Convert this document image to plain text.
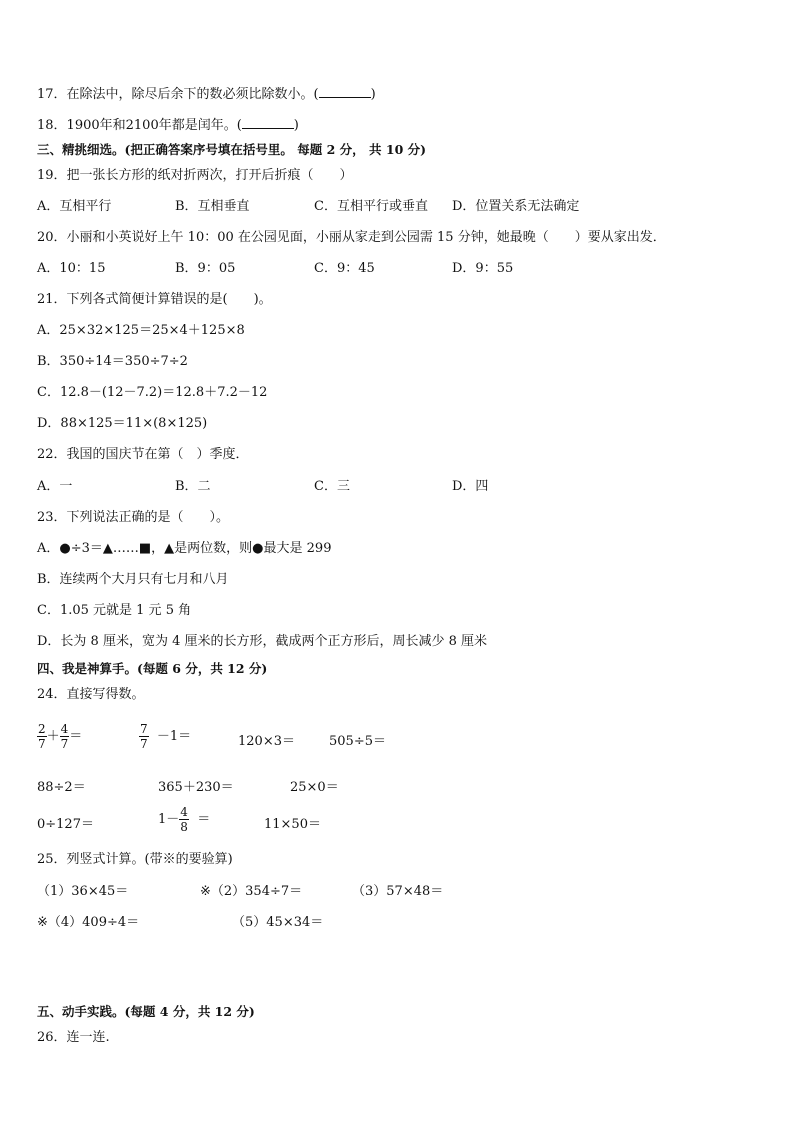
17．在除法中，除尽后余下的数必须比除数小。(	)
18．1900年和2100年都是闰年。(	)
三、精挑细选。(把正确答案序号填在括号里。 每题 2 分， 共 10 分)
19．把一张长方形的纸对折两次，打开后折痕（　　）
A．互相平行	B．互相垂直	C．互相平行或垂直 D．位置关系无法确定
20．小丽和小英说好上午 10：00 在公园见面，小丽从家走到公园需 15 分钟，她最晚（　　）要从家出发．
A．10：15	B．9：05	C．9：45	D．9：55
21．下列各式简便计算错误的是(　　)。
A．25×32×125＝25×4＋125×8
B．350÷14＝350÷7÷2
C．12.8－(12－7.2)＝12.8＋7.2－12
D．88×125＝11×(8×125)
22．我国的国庆节在第（　）季度．
A．一	B．二	C．三	D．四
23．下列说法正确的是（　　）。
A．●÷3＝▲……■，▲是两位数，则●最大是 299
B．连续两个大月只有七月和八月
C．1.05 元就是 1 元 5 角
D．长为 8 厘米，宽为 4 厘米的长方形，截成两个正方形后，周长减少 8 厘米
四、我是神算手。(每题 6 分，共 12 分)
24．直接写得数。
$\frac{2}{7} + \frac{4}{7}$ ＝	$\frac{7}{7} -1=$	120×3＝	505÷5＝
88÷2＝	365＋230＝	25×0＝
0÷127＝	$1- \frac{4}{8}$ ＝	11×50＝
25．列竖式计算。(带※的要验算)
（1）36×45＝	※（2）354÷7＝	（3）57×48＝
※（4）409÷4＝	（5）45×34＝
五、动手实践。(每题 4 分，共 12 分)
26．连一连.
